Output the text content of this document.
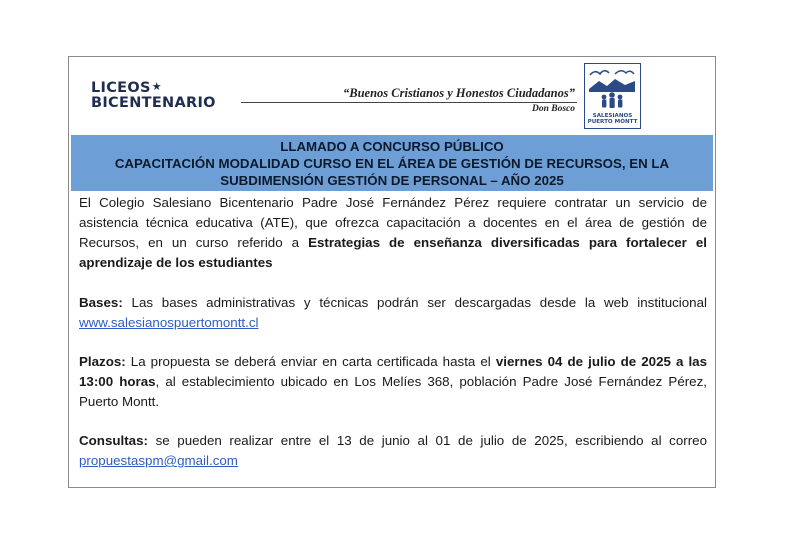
LICEOS★
BICENTENARIO
“Buenos Cristianos y Honestos Ciudadanos”
Don Bosco
SALESIANOS
PUERTO MONTT
LLAMADO A CONCURSO PÚBLICO
CAPACITACIÓN MODALIDAD CURSO EN EL ÁREA DE GESTIÓN DE RECURSOS, EN LA
SUBDIMENSIÓN GESTIÓN DE PERSONAL – AÑO 2025

El Colegio Salesiano Bicentenario Padre José Fernández Pérez requiere contratar un servicio de asistencia técnica educativa (ATE), que ofrezca capacitación a docentes en el área de gestión de Recursos, en un curso referido a Estrategias de enseñanza diversificadas para fortalecer el aprendizaje de los estudiantes

Bases: Las bases administrativas y técnicas podrán ser descargadas desde la web institucional

www.salesianospuertomontt.cl

Plazos: La propuesta se deberá enviar en carta certificada hasta el viernes 04 de julio de 2025 a las 13:00 horas, al establecimiento ubicado en Los Melíes 368, población Padre José Fernández Pérez, Puerto Montt.

Consultas: se pueden realizar entre el 13 de junio al 01 de julio de 2025, escribiendo al correo

propuestaspm@gmail.com
